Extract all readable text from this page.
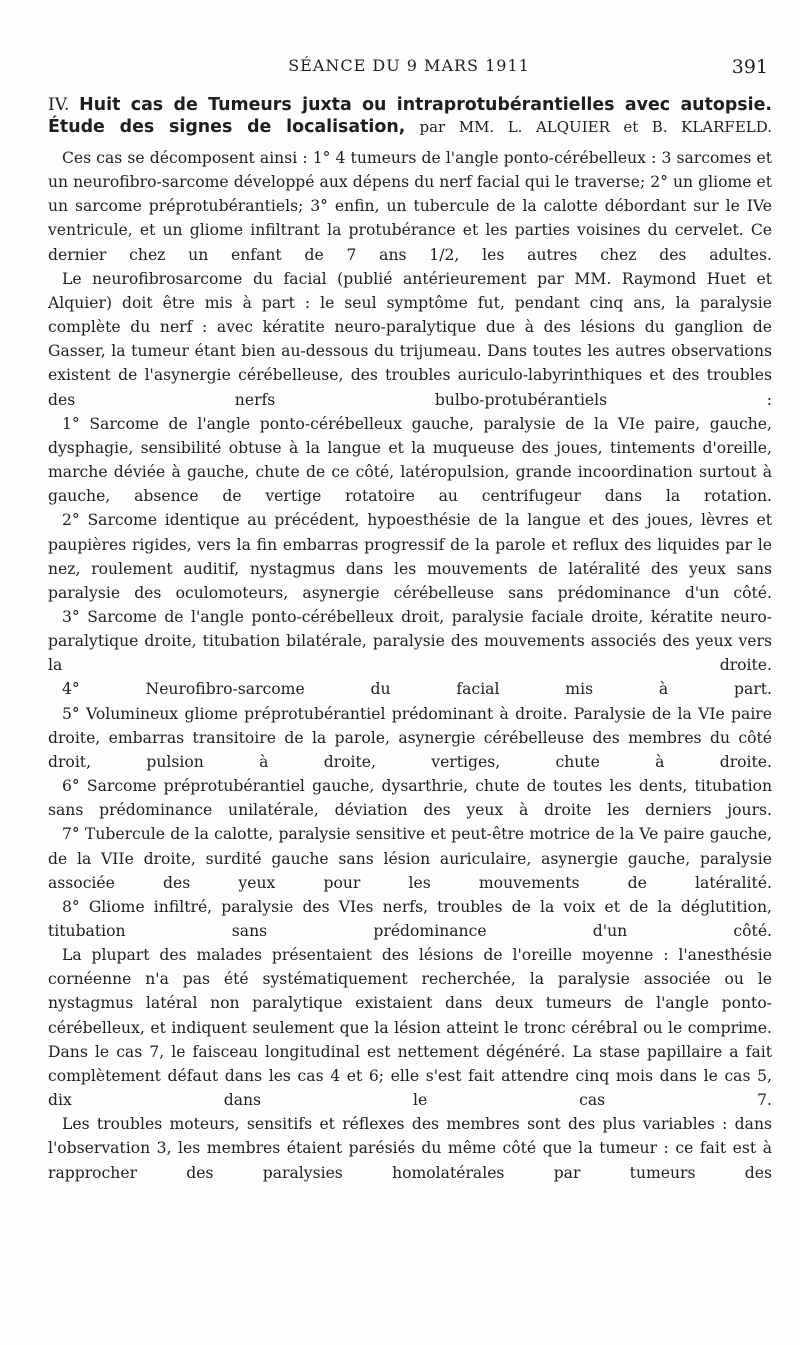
SÉANCE DU 9 MARS 1911	391

IV. Huit cas de Tumeurs juxta ou intraprotubérantielles avec autopsie. Étude des signes de localisation, par MM. L. ALQUIER et B. KLARFELD.

Ces cas se décomposent ainsi : 1° 4 tumeurs de l'angle ponto-cérébelleux : 3 sarcomes et un neurofibro-sarcome développé aux dépens du nerf facial qui le traverse; 2° un gliome et un sarcome préprotubérantiels; 3° enfin, un tubercule de la calotte débordant sur le IVe ventricule, et un gliome infiltrant la protubérance et les parties voisines du cervelet. Ce dernier chez un enfant de 7 ans 1/2, les autres chez des adultes.

Le neurofibrosarcome du facial (publié antérieurement par MM. Raymond Huet et Alquier) doit être mis à part : le seul symptôme fut, pendant cinq ans, la paralysie complète du nerf : avec kératite neuro-paralytique due à des lésions du ganglion de Gasser, la tumeur étant bien au-dessous du trijumeau. Dans toutes les autres observations existent de l'asynergie cérébelleuse, des troubles auriculo-labyrinthiques et des troubles des nerfs bulbo-protubérantiels :

1° Sarcome de l'angle ponto-cérébelleux gauche, paralysie de la VIe paire, gauche, dysphagie, sensibilité obtuse à la langue et la muqueuse des joues, tintements d'oreille, marche déviée à gauche, chute de ce côté, latéropulsion, grande incoordination surtout à gauche, absence de vertige rotatoire au centrifugeur dans la rotation.

2° Sarcome identique au précédent, hypoesthésie de la langue et des joues, lèvres et paupières rigides, vers la fin embarras progressif de la parole et reflux des liquides par le nez, roulement auditif, nystagmus dans les mouvements de latéralité des yeux sans paralysie des oculomoteurs, asynergie cérébelleuse sans prédominance d'un côté.

3° Sarcome de l'angle ponto-cérébelleux droit, paralysie faciale droite, kératite neuro-paralytique droite, titubation bilatérale, paralysie des mouvements associés des yeux vers la droite.

4° Neurofibro-sarcome du facial mis à part.

5° Volumineux gliome préprotubérantiel prédominant à droite. Paralysie de la VIe paire droite, embarras transitoire de la parole, asynergie cérébelleuse des membres du côté droit, pulsion à droite, vertiges, chute à droite.

6° Sarcome préprotubérantiel gauche, dysarthrie, chute de toutes les dents, titubation sans prédominance unilatérale, déviation des yeux à droite les derniers jours.

7° Tubercule de la calotte, paralysie sensitive et peut-être motrice de la Ve paire gauche, de la VIIe droite, surdité gauche sans lésion auriculaire, asynergie gauche, paralysie associée des yeux pour les mouvements de latéralité.

8° Gliome infiltré, paralysie des VIes nerfs, troubles de la voix et de la déglutition, titubation sans prédominance d'un côté.

La plupart des malades présentaient des lésions de l'oreille moyenne : l'anesthésie cornéenne n'a pas été systématiquement recherchée, la paralysie associée ou le nystagmus latéral non paralytique existaient dans deux tumeurs de l'angle ponto-cérébelleux, et indiquent seulement que la lésion atteint le tronc cérébral ou le comprime. Dans le cas 7, le faisceau longitudinal est nettement dégénéré. La stase papillaire a fait complètement défaut dans les cas 4 et 6; elle s'est fait attendre cinq mois dans le cas 5, dix dans le cas 7.

Les troubles moteurs, sensitifs et réflexes des membres sont des plus variables : dans l'observation 3, les membres étaient parésiés du même côté que la tumeur : ce fait est à rapprocher des paralysies homolatérales par tumeurs des
